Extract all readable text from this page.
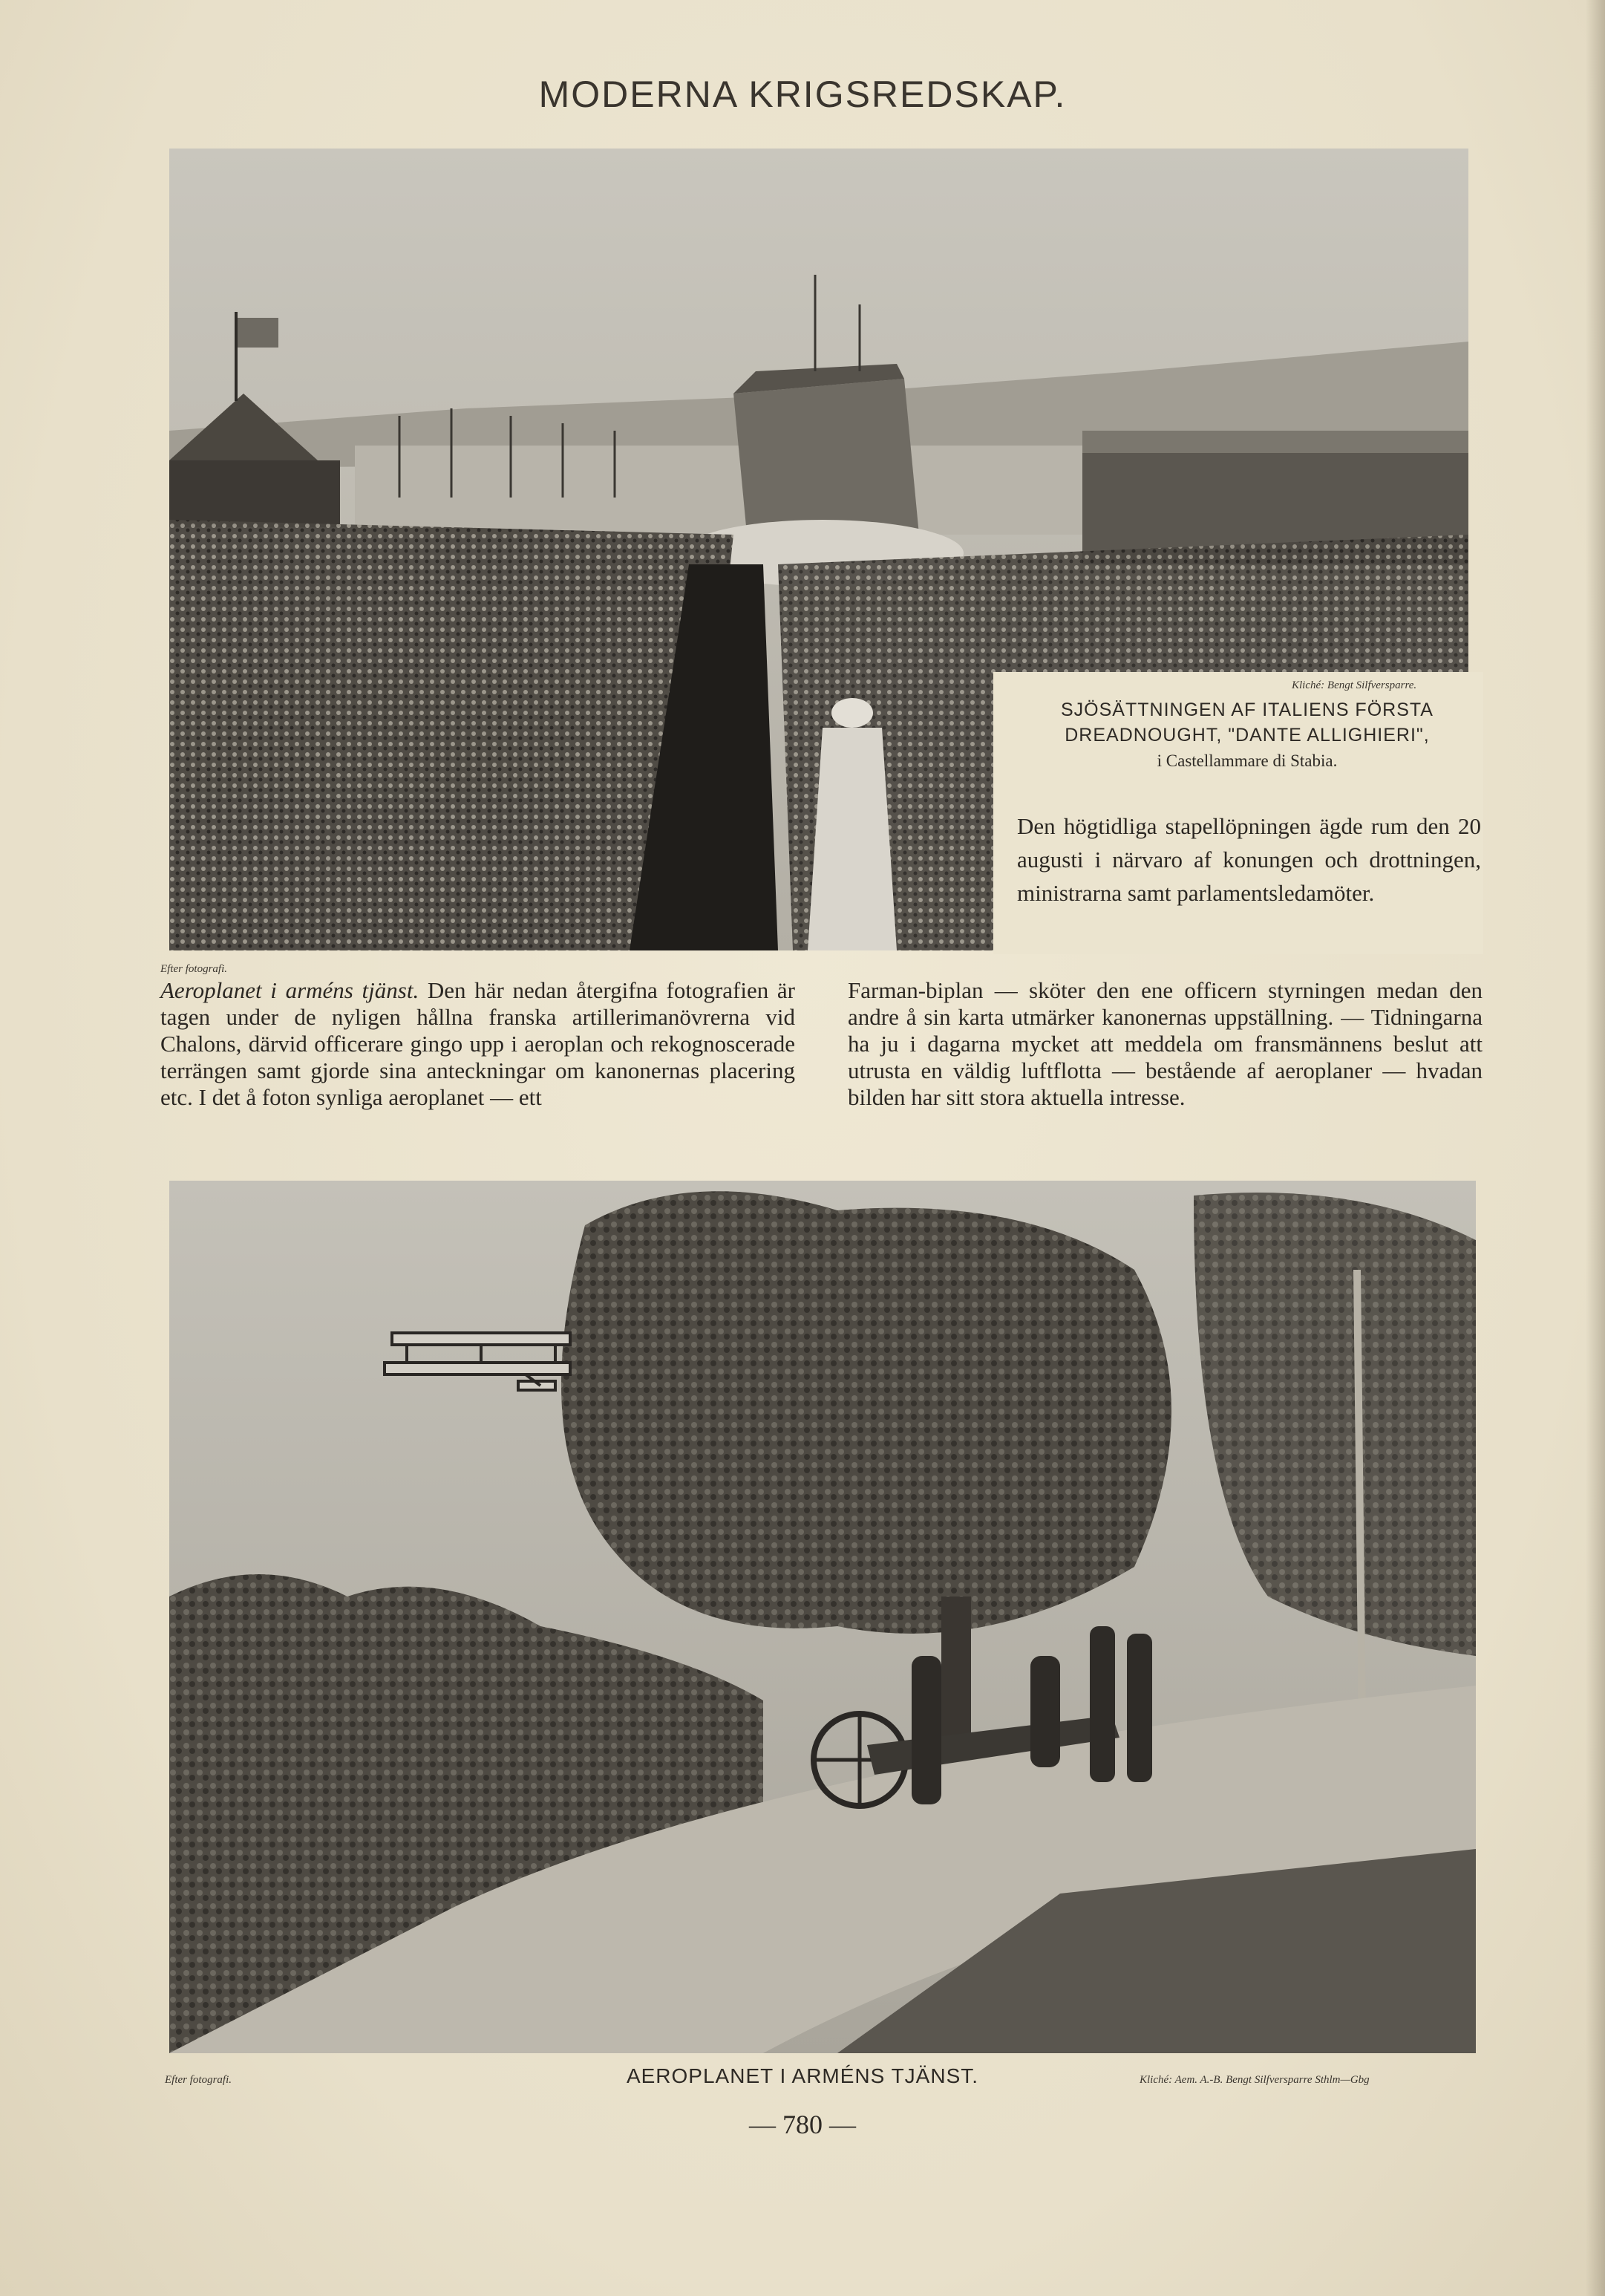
MODERNA KRIGSREDSKAP.
Kliché: Bengt Silfversparre.
SJÖSÄTTNINGEN AF ITALIENS FÖRSTA
DREADNOUGHT, "DANTE ALLIGHIERI",
i Castellammare di Stabia.
Den högtidliga stapellöpningen ägde rum den 20 augusti i närvaro af konungen och drottningen, ministrarna samt parlamentsledamöter.
Efter fotografi.
Aeroplanet i arméns tjänst. Den här nedan återgifna fotografien är tagen under de nyligen hållna franska artillerimanövrerna vid Chalons, därvid officerare gingo upp i aeroplan och rekognoscerade terrängen samt gjorde sina anteckningar om kanonernas placering etc. I det å foton synliga aeroplanet — ett
Farman-biplan — sköter den ene officern styrningen medan den andre å sin karta utmärker kanonernas uppställning. — Tidningarna ha ju i dagarna mycket att meddela om fransmännens beslut att utrusta en väldig luftflotta — bestående af aeroplaner — hvadan bilden har sitt stora aktuella intresse.
Efter fotografi.	AEROPLANET I ARMÉNS TJÄNST.	Kliché: Aem. A.-B. Bengt Silfversparre Sthlm—Gbg
— 780 —
